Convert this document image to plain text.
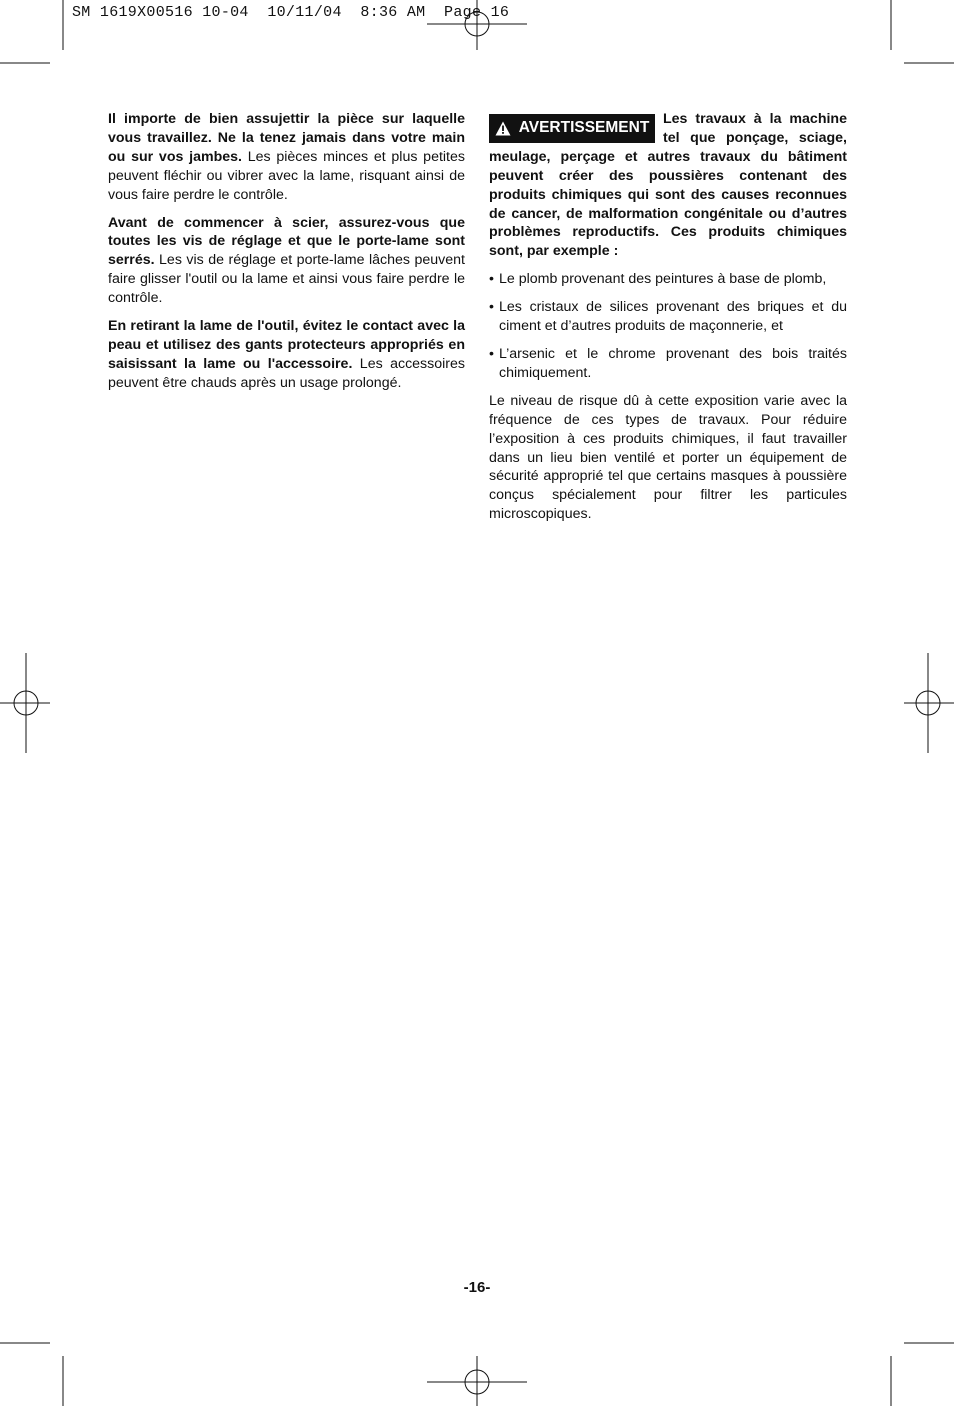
SM 1619X00516 10-04  10/11/04  8:36 AM  Page 16

Il importe de bien assujettir la pièce sur laquelle vous travaillez. Ne la tenez jamais dans votre main ou sur vos jambes. Les pièces minces et plus petites peuvent fléchir ou vibrer avec la lame, risquant ainsi de vous faire perdre le contrôle.

Avant de commencer à scier, assurez-vous que toutes les vis de réglage et que le porte-lame sont serrés. Les vis de réglage et porte-lame lâches peuvent faire glisser l'outil ou la lame et ainsi vous faire perdre le contrôle.

En retirant la lame de l'outil, évitez le contact avec la peau et utilisez des gants protecteurs appropriés en saisissant la lame ou l'accessoire. Les accessoires peuvent être chauds après un usage prolongé.

AVERTISSEMENT
Les travaux à la machine tel que ponçage, sciage, meulage, perçage et autres travaux du bâtiment peuvent créer des poussières contenant des produits chimiques qui sont des causes reconnues de cancer, de malformation congénitale ou d’autres problèmes reproductifs. Ces produits chimiques sont, par exemple :

• Le plomb provenant des peintures à base de plomb,
• Les cristaux de silices provenant des briques et du ciment et d’autres produits de maçonnerie, et
• L’arsenic et le chrome provenant des bois traités chimiquement.

Le niveau de risque dû à cette exposition varie avec la fréquence de ces types de travaux. Pour réduire l’exposition à ces produits chimiques, il faut travailler dans un lieu bien ventilé et porter un équipement de sécurité approprié tel que certains masques à poussière conçus spécialement pour filtrer les particules microscopiques.

-16-
